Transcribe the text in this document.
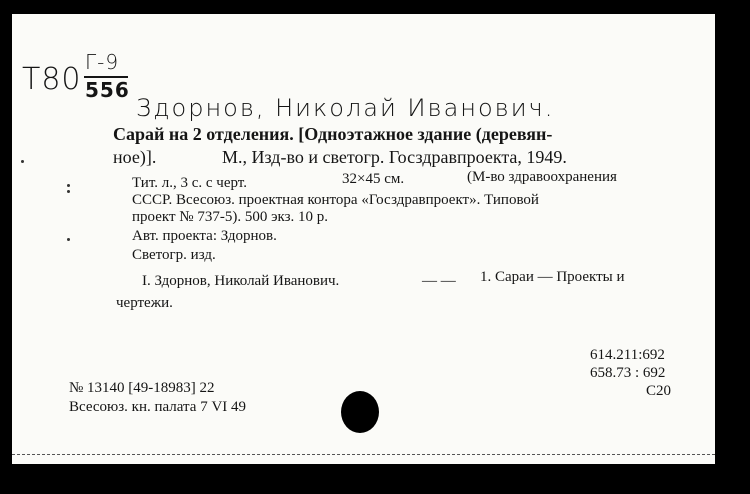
Т80 Г-9
556
Здорнов, Николай Иванович.
Сарай на 2 отделения. [Одноэтажное здание (деревян-
ное)].	М., Изд-во и светогр. Госздравпроекта, 1949.
Тит. л., 3 с. с черт.	32×45 см.	(М-во здравоохранения
СССР. Всесоюз. проектная контора «Госздравпроект». Типовой
проект № 737-5). 500 экз. 10 р.
Авт. проекта: Здорнов.
Светогр. изд.
I. Здорнов, Николай Иванович.	— — 1. Сараи — Проекты и
чертежи.
614.211:692
658.73 : 692
С20
№ 13140 [49-18983] 22
Всесоюз. кн. палата 7 VI 49
